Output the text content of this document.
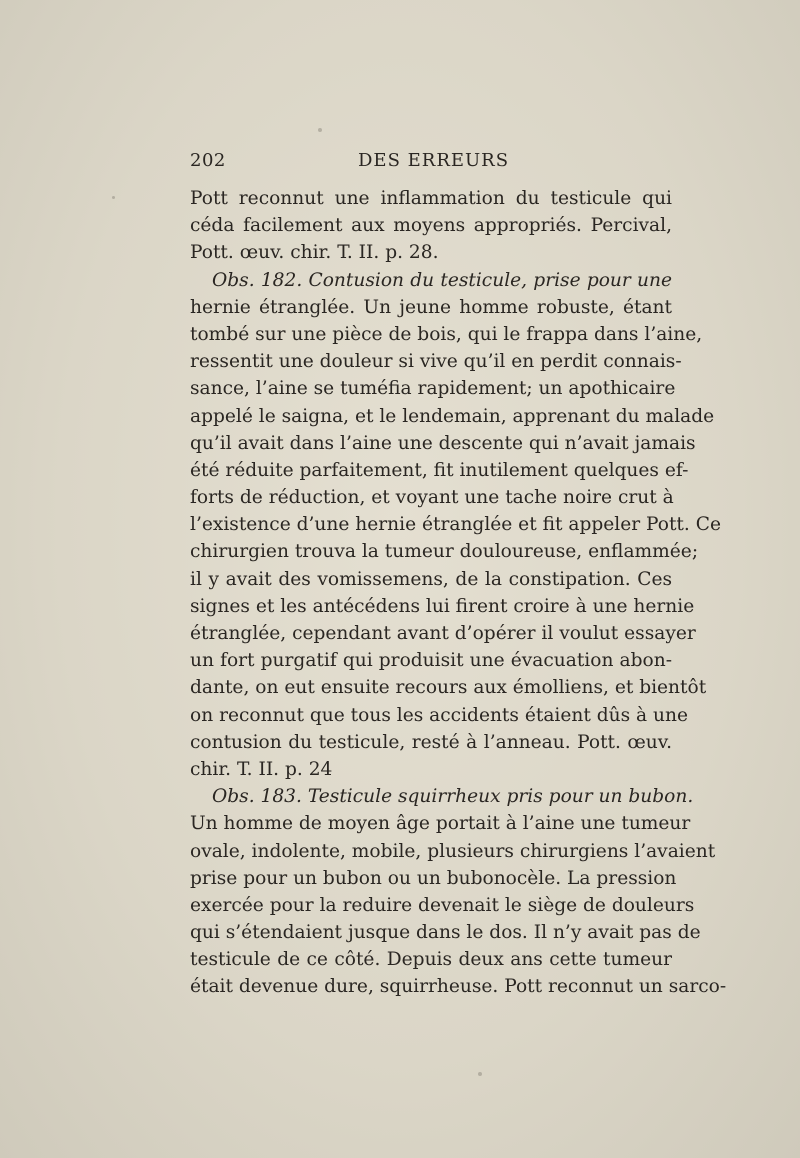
202	DES ERREURS
Pott reconnut une inflammation du testicule qui
céda facilement aux moyens appropriés. Percival,
Pott. œuv. chir. T. II. p. 28.
Obs. 182. Contusion du testicule, prise pour une
hernie étranglée. Un jeune homme robuste, étant
tombé sur une pièce de bois, qui le frappa dans l’aine,
ressentit une douleur si vive qu’il en perdit connais-
sance, l’aine se tuméfia rapidement; un apothicaire
appelé le saigna, et le lendemain, apprenant du malade
qu’il avait dans l’aine une descente qui n’avait jamais
été réduite parfaitement, fit inutilement quelques ef-
forts de réduction, et voyant une tache noire crut à
l’existence d’une hernie étranglée et fit appeler Pott. Ce
chirurgien trouva la tumeur douloureuse, enflammée;
il y avait des vomissemens, de la constipation. Ces
signes et les antécédens lui firent croire à une hernie
étranglée, cependant avant d’opérer il voulut essayer
un fort purgatif qui produisit une évacuation abon-
dante, on eut ensuite recours aux émolliens, et bientôt
on reconnut que tous les accidents étaient dûs à une
contusion du testicule, resté à l’anneau. Pott. œuv.
chir. T. II. p. 24
Obs. 183. Testicule squirrheux pris pour un bubon.
Un homme de moyen âge portait à l’aine une tumeur
ovale, indolente, mobile, plusieurs chirurgiens l’avaient
prise pour un bubon ou un bubonocèle. La pression
exercée pour la reduire devenait le siège de douleurs
qui s’étendaient jusque dans le dos. Il n’y avait pas de
testicule de ce côté. Depuis deux ans cette tumeur
était devenue dure, squirrheuse. Pott reconnut un sarco-
